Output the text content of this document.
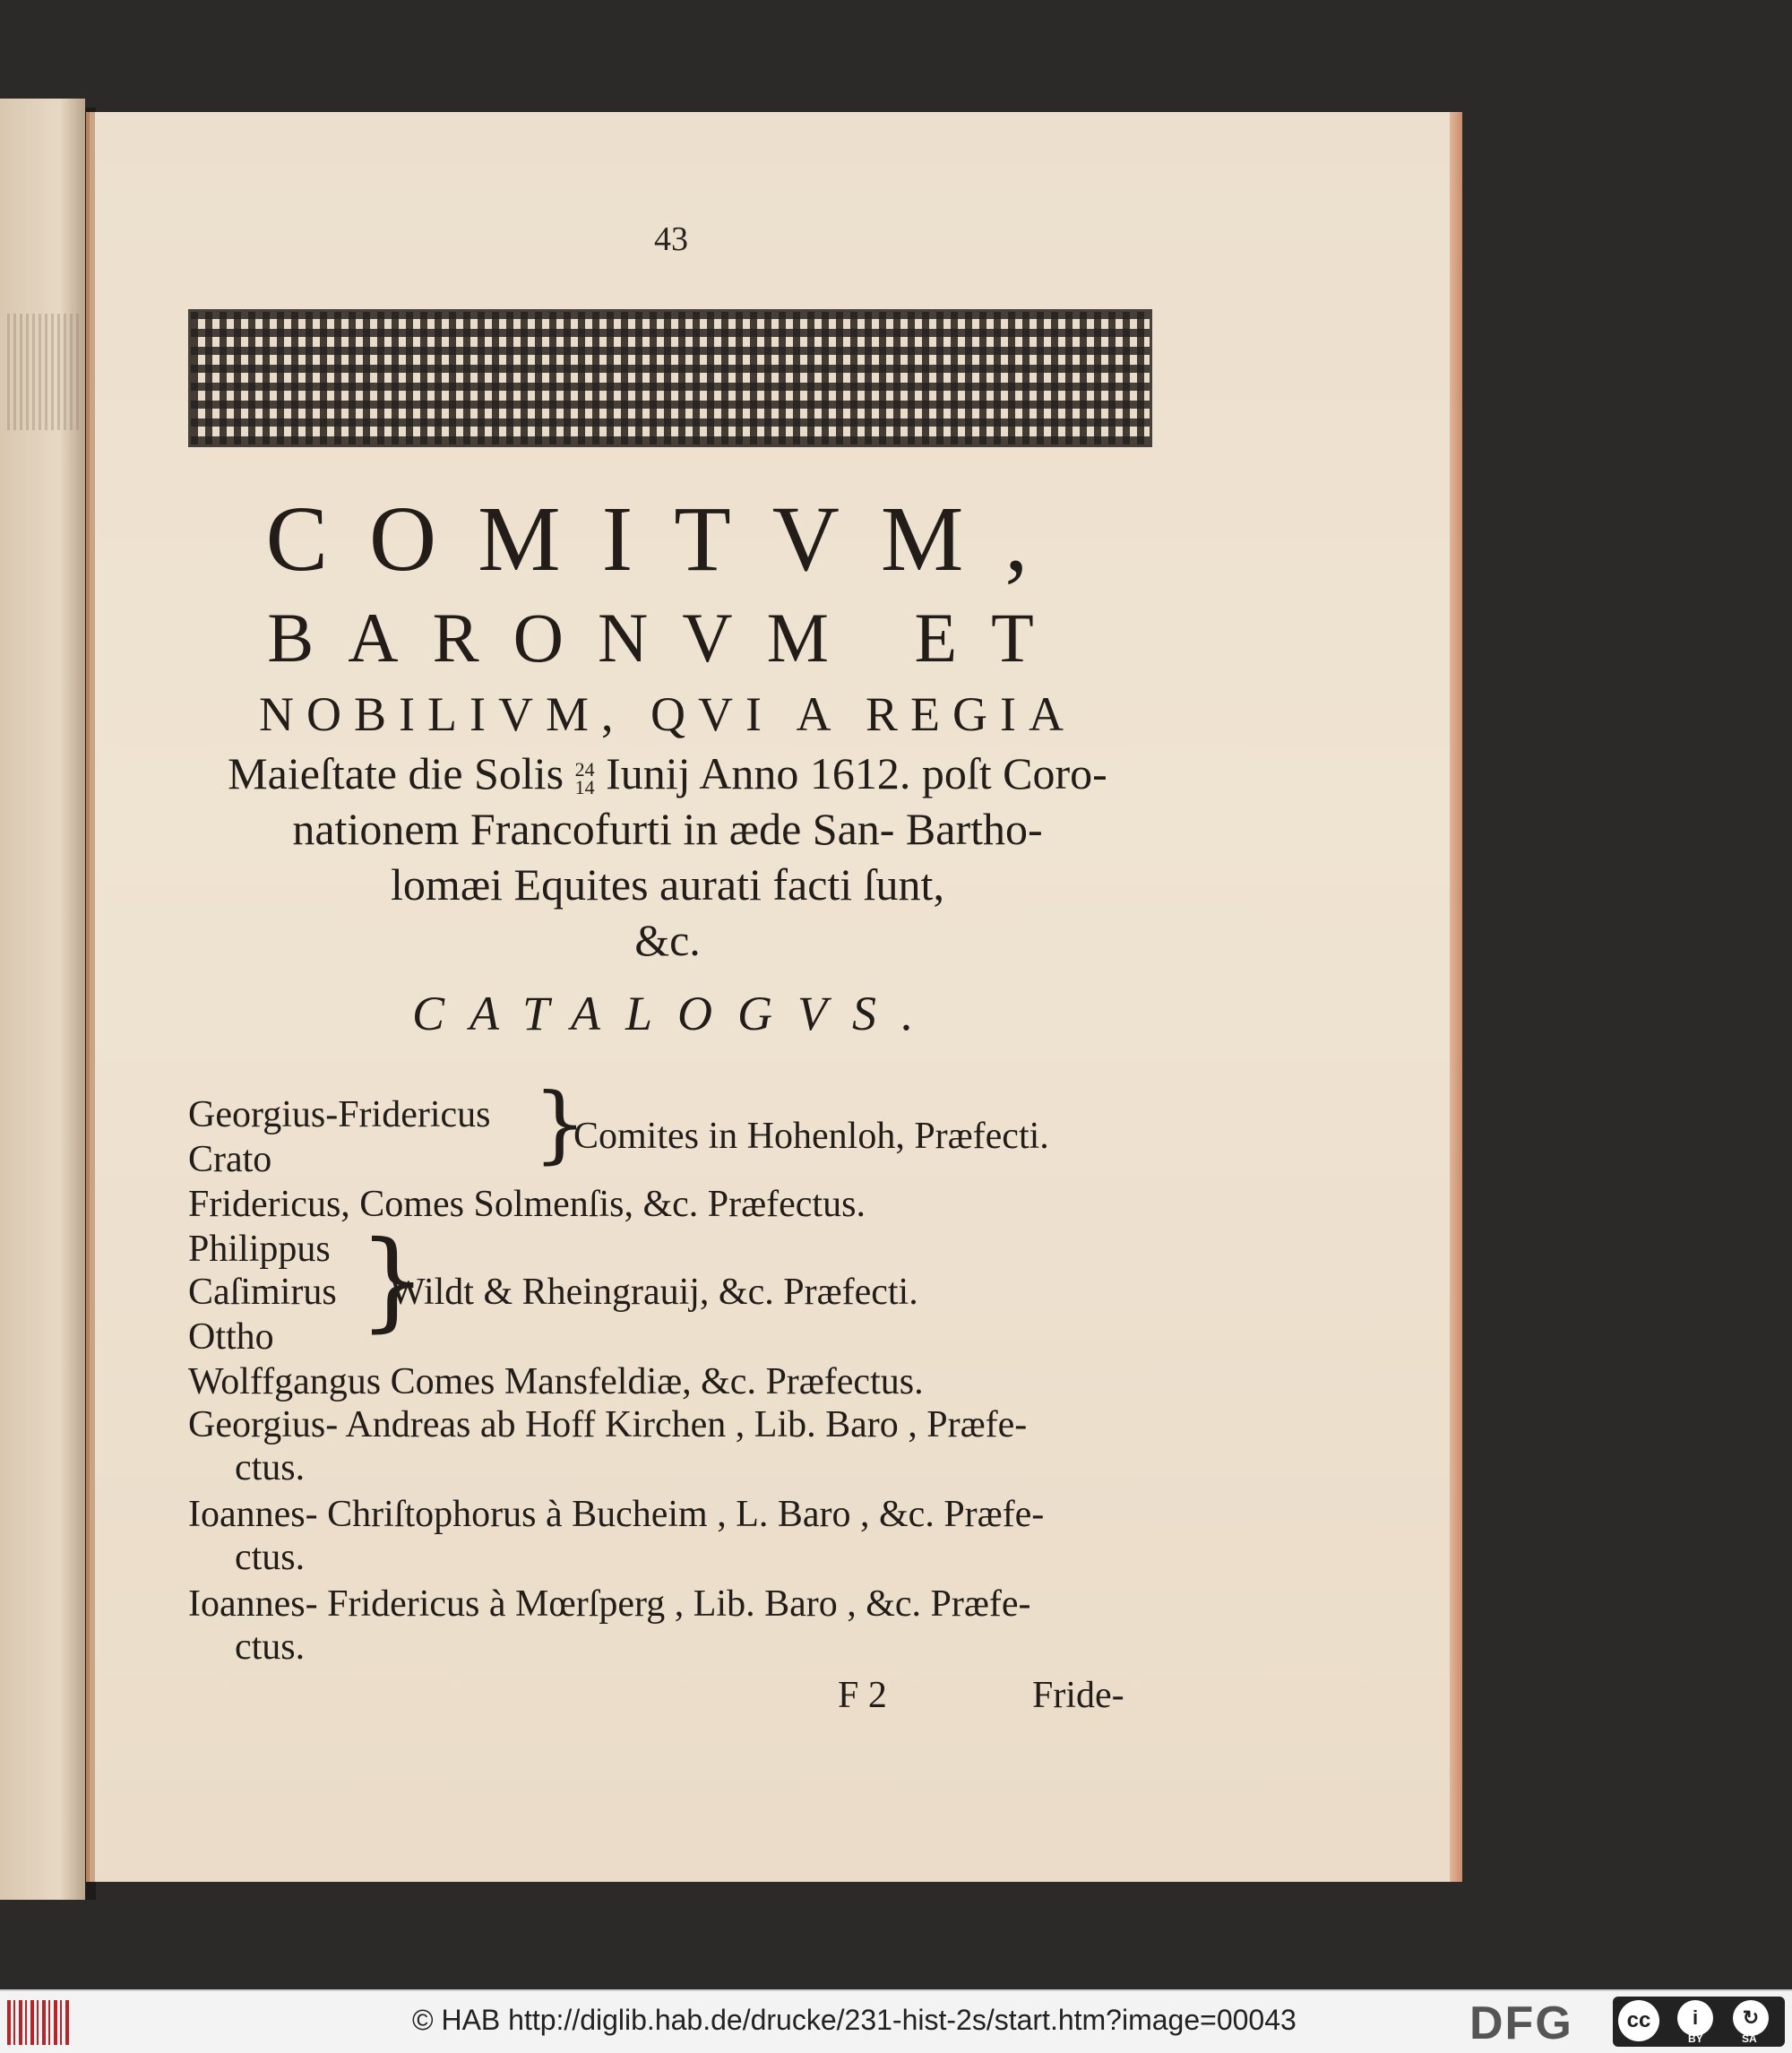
43
COMITVM,
BARONVM ET
NOBILIVM, QVI A REGIA
Maieſtate die Solis 24
14 Iunij Anno 1612. poſt Coro-
nationem Francofurti in æde San- Bartho-
lomæi Equites aurati facti ſunt,
&c.
CATALOGVS.
Georgius-Fridericus
Crato	}
Comites in Hohenloh, Præfecti.
Fridericus, Comes Solmenſis, &c. Præfectus.
Philippus
Caſimirus
Ottho }
Wildt & Rheingrauij, &c. Præfecti.
Wolffgangus Comes Mansfeldiæ, &c. Præfectus.
Georgius- Andreas ab Hoff Kirchen , Lib. Baro , Præfe-
ctus.
Ioannes- Chriſtophorus à Bucheim , L. Baro , &c. Præfe-
ctus.
Ioannes- Fridericus à Mœrſperg , Lib. Baro , &c. Præfe-
ctus.
F 2	Fride-
© HAB http://diglib.hab.de/drucke/231-hist-2s/start.htm?image=00043	DFG	cc	i	↻
BY	SA
